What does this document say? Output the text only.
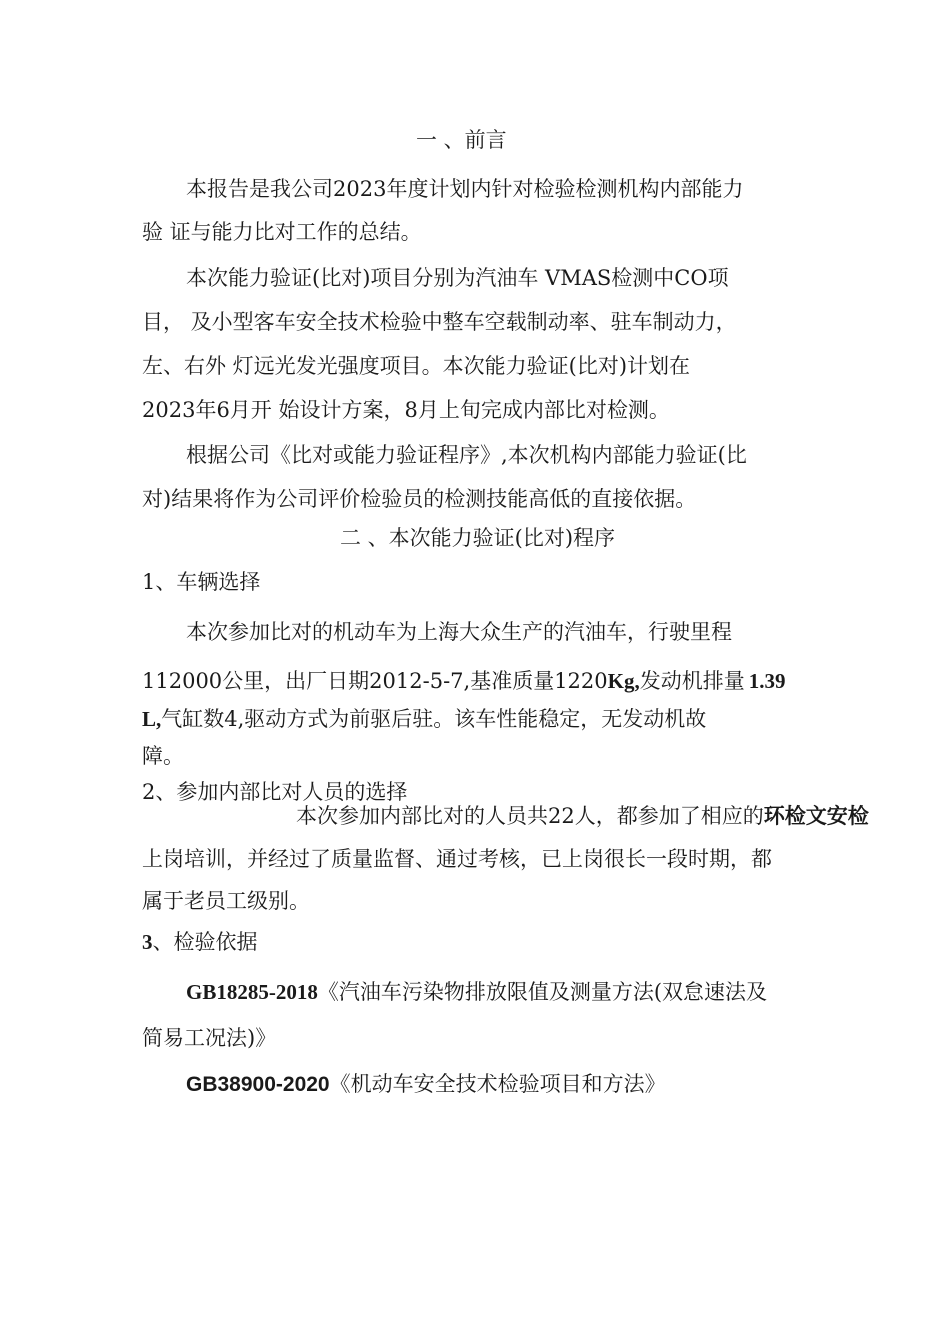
一 、前言
本报告是我公司2023年度计划内针对检验检测机构内部能力
验 证与能力比对工作的总结。
本次能力验证(比对)项目分别为汽油车 VMAS检测中CO项
目， 及小型客车安全技术检验中整车空载制动率、驻车制动力，
左、右外 灯远光发光强度项目。本次能力验证(比对)计划在
2023年6月开 始设计方案，8月上旬完成内部比对检测。
根据公司《比对或能力验证程序》,本次机构内部能力验证(比
对)结果将作为公司评价检验员的检测技能高低的直接依据。
二 、本次能力验证(比对)程序
1、车辆选择
本次参加比对的机动车为上海大众生产的汽油车，行驶里程
112000公里，出厂日期2012-5-7,基准质量1220Kg,发动机排量 1.39
L,气缸数4,驱动方式为前驱后驻。该车性能稳定，无发动机故
障。
2、参加内部比对人员的选择
本次参加内部比对的人员共22人，都参加了相应的环检文安检
上岗培训，并经过了质量监督、通过考核，已上岗很长一段时期，都
属于老员工级别。
3、检验依据
GB18285-2018《汽油车污染物排放限值及测量方法(双怠速法及
简易工况法)》
GB38900-2020《机动车安全技术检验项目和方法》
